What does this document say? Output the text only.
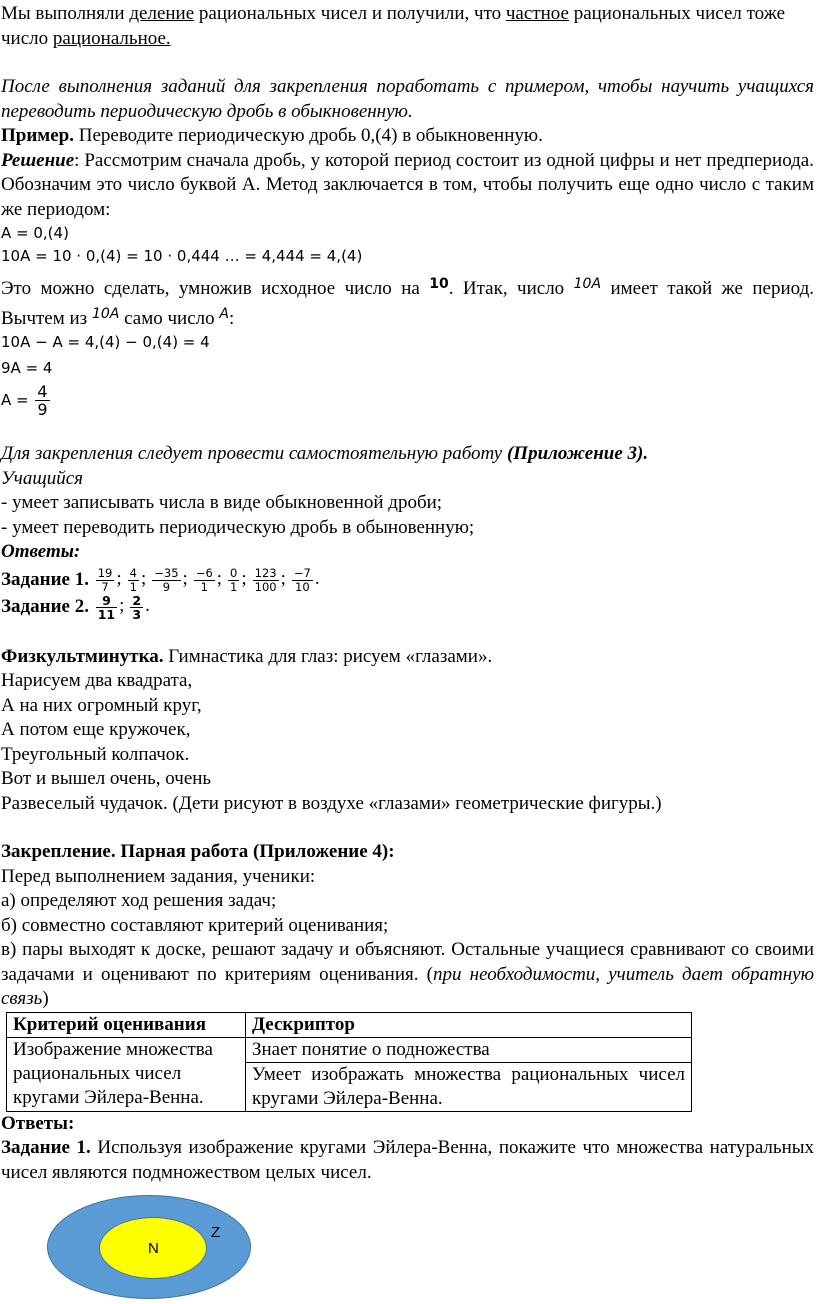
Мы выполняли деление рациональных чисел и получили, что частное рациональных чисел тоже число рациональное.

После выполнения заданий для закрепления поработать с примером, чтобы научить учащихся переводить периодическую дробь в обыкновенную.

Пример. Переводите периодическую дробь 0,(4) в обыкновенную.

Решение: Рассмотрим сначала дробь, у которой период состоит из одной цифры и нет предпериода. Обозначим это число буквой А. Метод заключается в том, чтобы получить еще одно число с таким же периодом:

A = 0,(4)
10A = 10 · 0,(4) = 10 · 0,444 … = 4,444 = 4,(4)

Это можно сделать, умножив исходное число на $^{10}$. Итак, число $^{10A}$ имеет такой же период. Вычтем из $^{10A}$ само число $^A$:

10A − A = 4,(4) − 0,(4) = 4
9A = 4
$A = \frac{4}{9}$

Для закрепления следует провести самостоятельную работу (Приложение 3).

Учащийся

- умеет записывать числа в виде обыкновенной дроби;

- умеет переводить периодическую дробь в обыновенную;

Ответы:

Задание 1. $\frac{19}{7}$ ; $\frac{4}{1}$ ; $\frac{-35}{9}$ ; $\frac{-6}{1}$ ; $\frac{0}{1}$ ; $\frac{123}{100}$ ; $\frac{-7}{10}$ .

Задание 2. $\frac{9}{11}$ ; $\frac{2}{3}$ .

Физкультминутка. Гимнастика для глаз: рисуем «глазами».

Нарисуем два квадрата,

А на них огромный круг,

А потом еще кружочек,

Треугольный колпачок.

Вот и вышел очень, очень

Развеселый чудачок. (Дети рисуют в воздухе «глазами» геометрические фигуры.)

Закрепление. Парная работа (Приложение 4):

Перед выполнением задания, ученики:

а) определяют ход решения задач;

б) совместно составляют критерий оценивания;

в) пары выходят к доске, решают задачу и объясняют. Остальные учащиеся сравнивают со своими задачами и оценивают по критериям оценивания. (при необходимости, учитель дает обратную связь)

Критерий оценивания	Дескриптор
Изображение множества рациональных чисел кругами Эйлера-Венна.	Знает понятие о подножества
	Умеет изображать множества рациональных чисел кругами Эйлера-Венна.

Ответы:

Задание 1. Используя изображение кругами Эйлера-Венна, покажите что множества натуральных чисел являются подмножеством целых чисел.

N
Z
